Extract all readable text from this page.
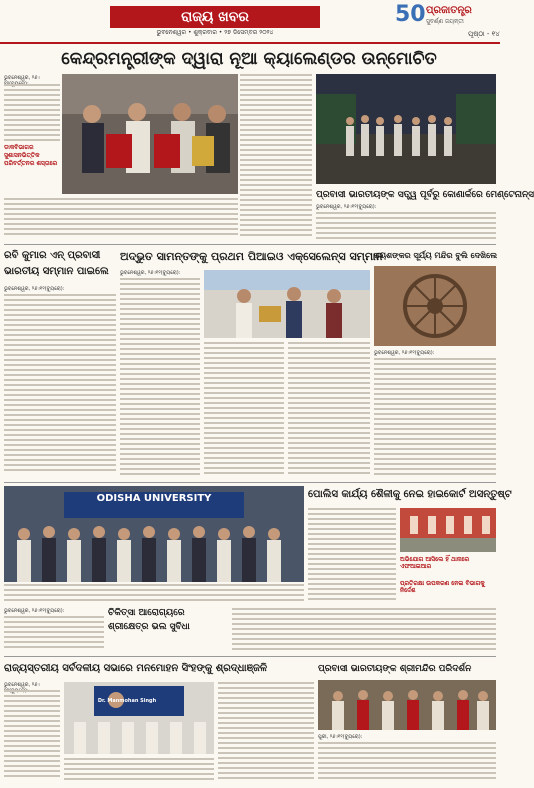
ରାଜ୍ୟ ଖବର
ଭୁବନେଶ୍ୱର • ଶୁକ୍ରବାର • ୨୭ ଡିସେମ୍ବର ୨୦୨୪
50 ପ୍ରଜାତନ୍ତ୍ର
ସୁବର୍ଣ୍ଣ ଜୟନ୍ତୀ
ପୃଷ୍ଠା - ୧୪
କେନ୍ଦ୍ରମନ୍ତ୍ରୀଙ୍କ ଦ୍ୱାରା ନୂଆ କ୍ୟାଲେଣ୍ଡର ଉନ୍ମୋଚିତ
ଭୁବନେଶ୍ୱର, ୨୬।
ଡାକବିଭାଗର ସୁଶାସନଭିତ୍ତିକ ପରିବର୍ତ୍ତନର ଶସ୍ତାରେ
ପ୍ରବାସୀ ଭାରତୀୟଙ୍କ ସତ୍ତ୍ୱ ପୂର୍ବରୁ କୋଣାର୍କରେ ମେଣ୍ଟେନାନ୍ସ
ଭୁବନେଶ୍ୱର, ୨୬।୧୨(ବ୍ୟୁରୋ):
ରବି କୁମାର ଏନ୍ ପ୍ରବାସୀ ଭାରତୀୟ ସମ୍ମାନ ପାଇଲେ
ଭୁବନେଶ୍ୱର, ୨୬।୧୨(ବ୍ୟୁରୋ):
ଅଦ୍ଭୁତ ସାମନ୍ତଙ୍କୁ ପ୍ରଥମ ପିଆଇଓ ଏକ୍ସେଲେନ୍ସ ସମ୍ମାନ
ଭୁବନେଶ୍ୱର, ୨୬।୧୨(ବ୍ୟୁରୋ):
ଜୟଶଙ୍କର ସୂର୍ଯ୍ୟ ମନ୍ଦିର ବୁଲି ଦେଖିଲେ
ଭୁବନେଶ୍ୱର, ୨୬।୧୨(ବ୍ୟୁରୋ):
ODISHA UNIVERSITY	ପୋଲିସ କାର୍ଯ୍ୟ ଶୈଳୀକୁ ନେଇ ହାଇକୋର୍ଟ ଅସନ୍ତୁଷ୍ଟ
ଅଭିଯୋଗ ଆସିଲେ ହିଁ ଥାନାରେ ଏଫଆଇଆର
ପ୍ରତିରକ୍ଷା ଉପକରଣ ନେଇ ବିଭାଗକୁ ନିର୍ଦ୍ଦେଶ
ଭୁବନେଶ୍ୱର, ୨୬।୧୨(ବ୍ୟୁରୋ):	ଚିକିତ୍ସା ଆରୋଗ୍ୟରେ ଶ୍ରୀକ୍ଷେତ୍ର ଭଲ ସୁବିଧା
ରାଜ୍ୟସ୍ତରୀୟ ସର୍ବଦଳୀୟ ସଭାରେ ମନମୋହନ ସିଂହଙ୍କୁ ଶ୍ରଦ୍ଧାଞ୍ଜଳି
ଭୁବନେଶ୍ୱର, ୨୬।
Dr. Manmohan Singh
ପ୍ରବାସୀ ଭାରତୀୟଙ୍କ ଶ୍ରୀମନ୍ଦିର ପରିଦର୍ଶନ
ପୁରୀ, ୨୬।୧୨(ବ୍ୟୁରୋ):
